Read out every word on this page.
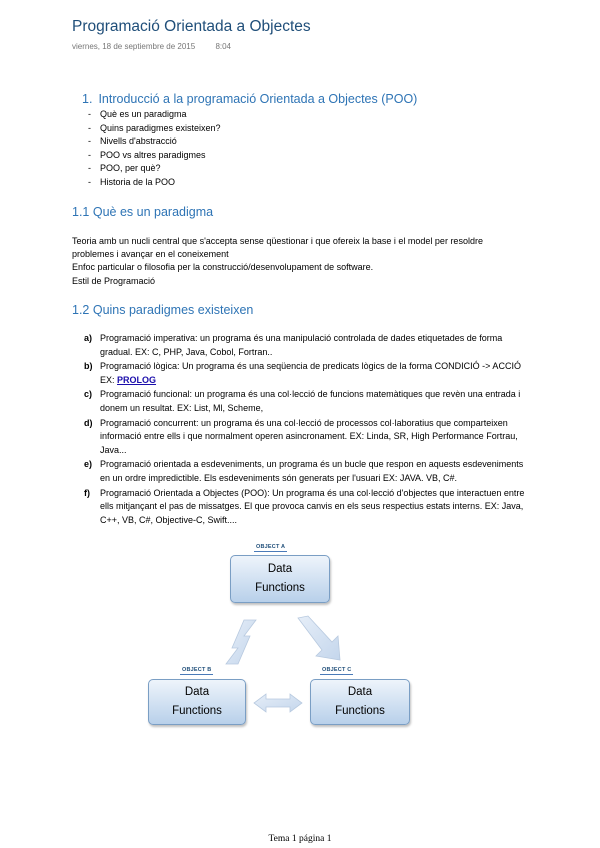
Programació Orientada a Objectes
viernes, 18 de septiembre de 2015	8:04
1. Introducció a la programació Orientada a Objectes (POO)
- Què es un paradigma
- Quins paradigmes existeixen?
- Nivells d'abstracció
- POO vs altres paradigmes
- POO, per què?
- Historia de la POO
1.1 Què es un paradigma

Teoria amb un nucli central que s'accepta sense qüestionar i que ofereix la base i el model per resoldre problemes i avançar en el coneixement

Enfoc particular o filosofia per la construcció/desenvolupament de software.

Estil de Programació

1.2 Quins paradigmes existeixen
a) Programació imperativa: un programa és una manipulació controlada de dades etiquetades de forma gradual. EX: C, PHP, Java, Cobol, Fortran..
b) Programació lògica: Un programa és una seqüencia de predicats lògics de la forma CONDICIÓ -> ACCIÓ EX: PROLOG
c) Programació funcional: un programa és una col·lecció de funcions matemàtiques que revèn una entrada i donem un resultat. EX: List, Ml, Scheme,
d) Programació concurrent: un programa és una col·lecció de processos col·laboratius que comparteixen informació entre ells i que normalment operen asincronament. EX: Linda, SR, High Performance Fortrau, Java...
e) Programació orientada a esdeveniments, un programa és un bucle que respon en aquests esdeveniments en un ordre impredictible. Els esdeveniments són generats per l'usuari EX: JAVA. VB, C#.
f) Programació Orientada a Objectes (POO): Un programa és una col·lecció d'objectes que interactuen entre ells mitjançant el pas de missatges. El que provoca canvis en els seus respectius estats interns. EX: Java, C++, VB, C#, Objective-C, Swift....
OBJECT A
Data
Functions
OBJECT B
Data
Functions
OBJECT C
Data
Functions
Tema 1 página 1
